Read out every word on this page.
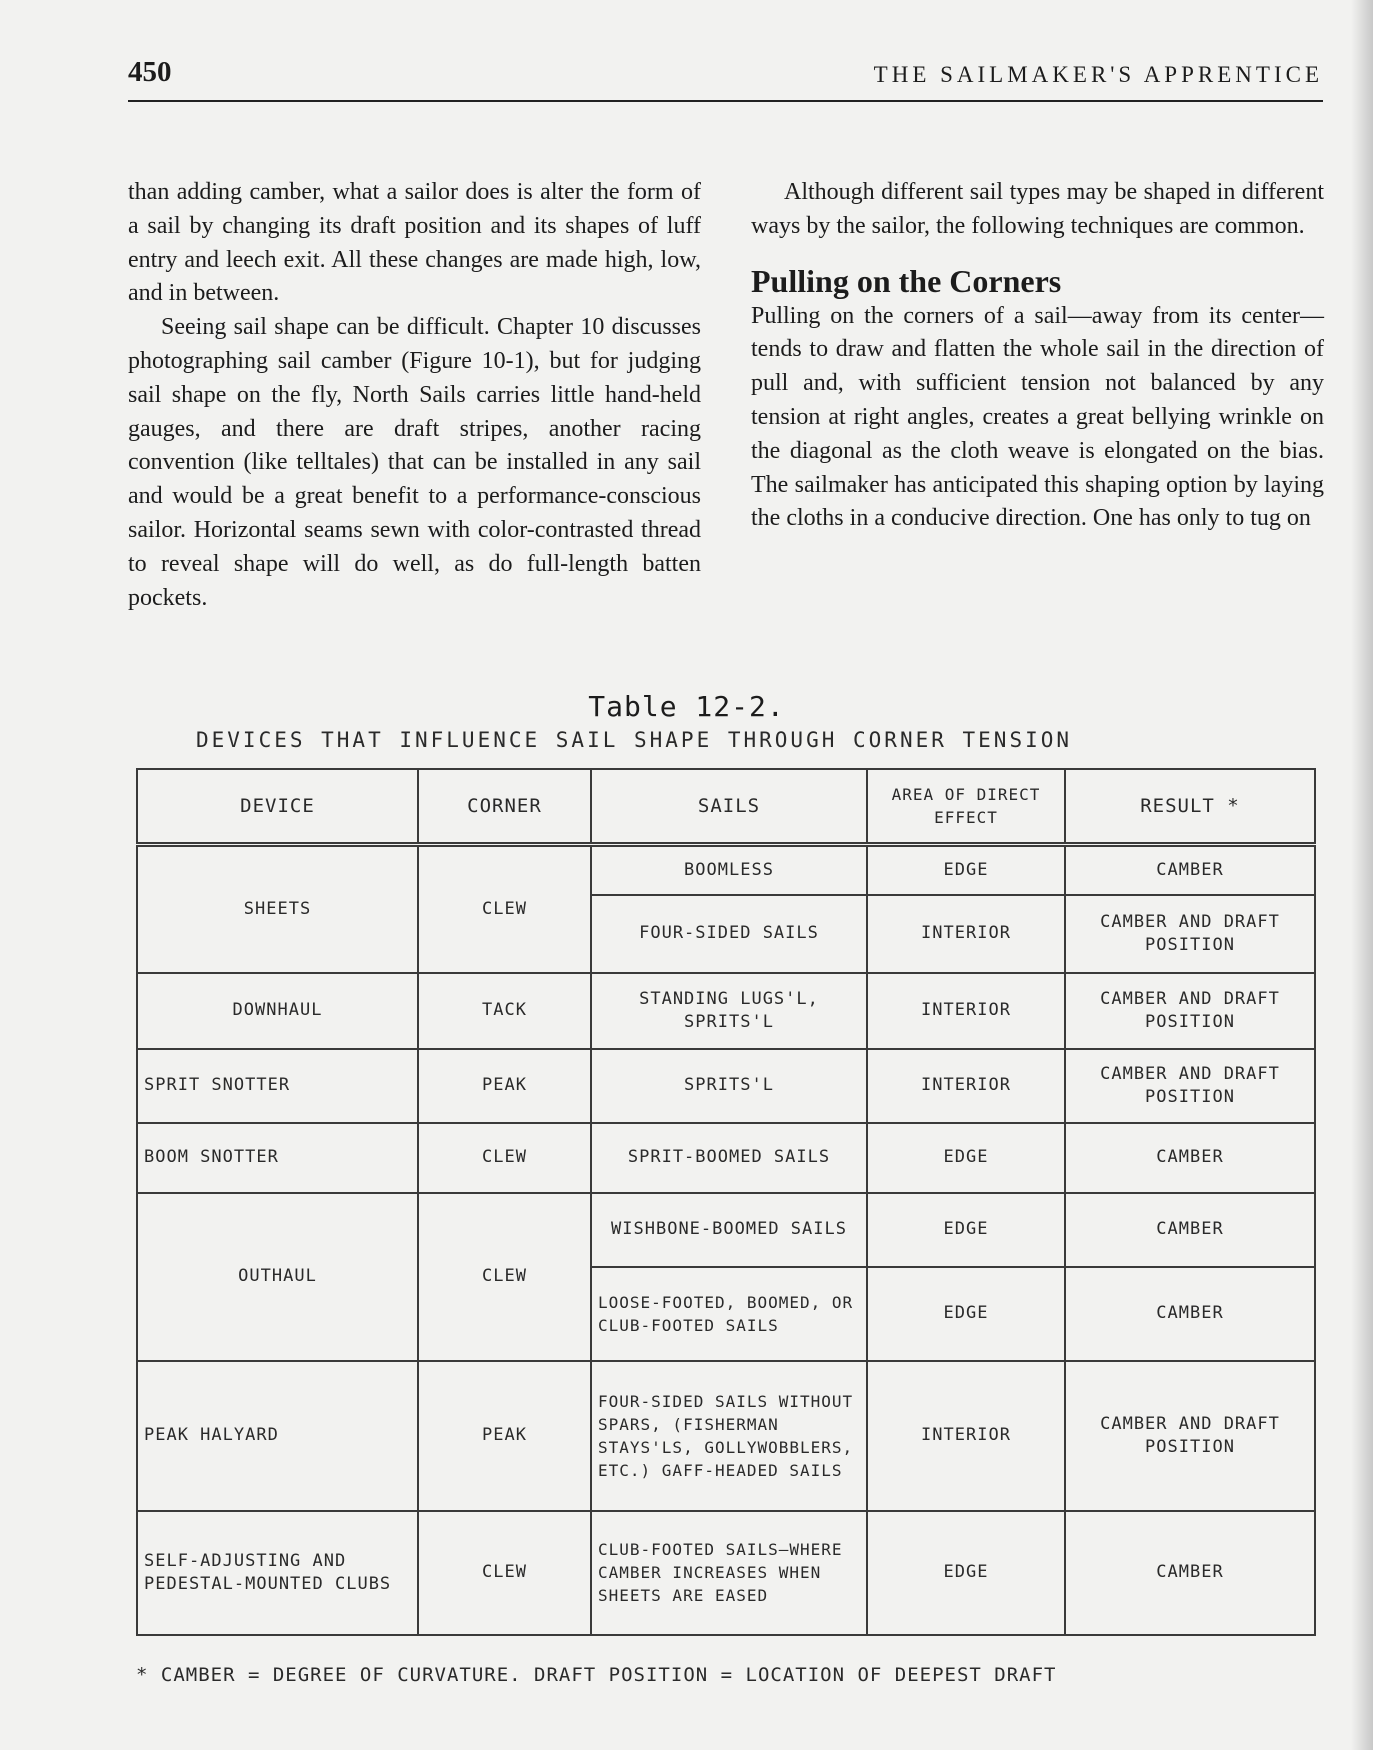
450	THE SAILMAKER'S APPRENTICE

than adding camber, what a sailor does is alter the form of a sail by changing its draft position and its shapes of luff entry and leech exit. All these changes are made high, low, and in between.

Seeing sail shape can be difficult. Chapter 10 discusses photographing sail camber (Figure 10-1), but for judging sail shape on the fly, North Sails carries little hand-held gauges, and there are draft stripes, another racing convention (like telltales) that can be installed in any sail and would be a great benefit to a performance-conscious sailor. Horizontal seams sewn with color-contrasted thread to reveal shape will do well, as do full-length batten pockets.

Although different sail types may be shaped in different ways by the sailor, the following techniques are common.

Pulling on the Corners

Pulling on the corners of a sail—away from its center—tends to draw and flatten the whole sail in the direction of pull and, with sufficient tension not balanced by any tension at right angles, creates a great bellying wrinkle on the diagonal as the cloth weave is elongated on the bias. The sailmaker has anticipated this shaping option by laying the cloths in a conducive direction. One has only to tug on

Table 12-2.
DEVICES THAT INFLUENCE SAIL SHAPE THROUGH CORNER TENSION
DEVICE	CORNER	SAILS	AREA OF DIRECT EFFECT	RESULT *
SHEETS	CLEW	BOOMLESS	EDGE	CAMBER
		FOUR-SIDED SAILS	INTERIOR	CAMBER AND DRAFT POSITION
DOWNHAUL	TACK	STANDING LUGS'L, SPRITS'L	INTERIOR	CAMBER AND DRAFT POSITION
SPRIT SNOTTER	PEAK	SPRITS'L	INTERIOR	CAMBER AND DRAFT POSITION
BOOM SNOTTER	CLEW	SPRIT-BOOMED SAILS	EDGE	CAMBER
OUTHAUL	CLEW	WISHBONE-BOOMED SAILS	EDGE	CAMBER
		LOOSE-FOOTED, BOOMED, OR CLUB-FOOTED SAILS	EDGE	CAMBER
PEAK HALYARD	PEAK	FOUR-SIDED SAILS WITHOUT SPARS, (FISHERMAN STAYS'LS, GOLLYWOBBLERS, ETC.) GAFF-HEADED SAILS	INTERIOR	CAMBER AND DRAFT POSITION
SELF-ADJUSTING AND PEDESTAL-MOUNTED CLUBS	CLEW	CLUB-FOOTED SAILS—WHERE CAMBER INCREASES WHEN SHEETS ARE EASED	EDGE	CAMBER
* CAMBER = DEGREE OF CURVATURE. DRAFT POSITION = LOCATION OF DEEPEST DRAFT
